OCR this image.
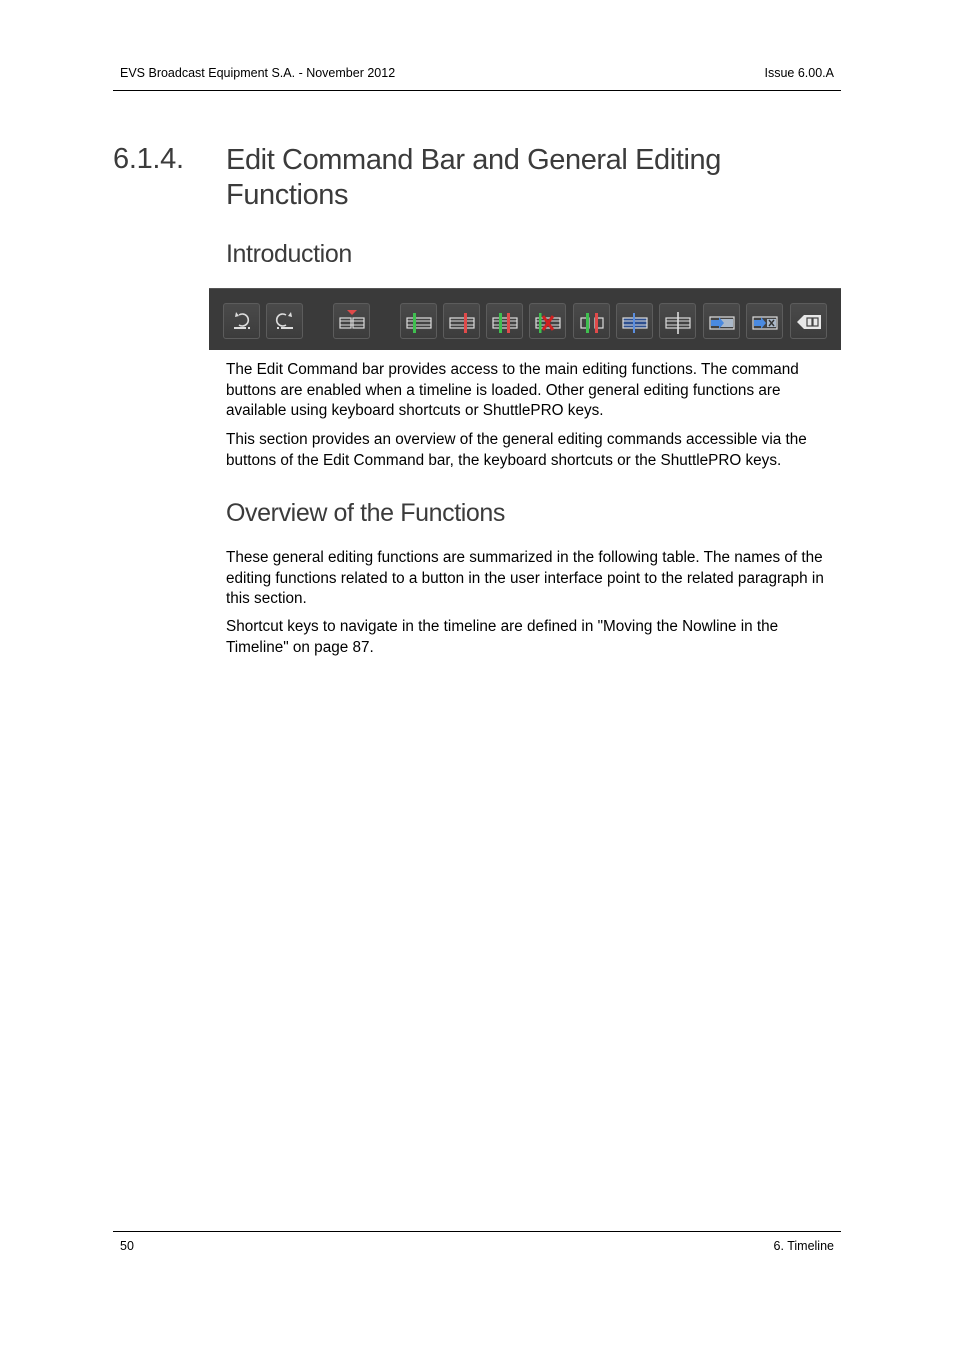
EVS Broadcast Equipment S.A. - November 2012	Issue 6.00.A
6.1.4. Edit Command Bar and General Editing Functions
Introduction
The Edit Command bar provides access to the main editing functions. The command buttons are enabled when a timeline is loaded. Other general editing functions are available using keyboard shortcuts or ShuttlePRO keys.
This section provides an overview of the general editing commands accessible via the buttons of the Edit Command bar, the keyboard shortcuts or the ShuttlePRO keys.
Overview of the Functions
These general editing functions are summarized in the following table. The names of the editing functions related to a button in the user interface point to the related paragraph in this section.
Shortcut keys to navigate in the timeline are defined in "Moving the Nowline in the Timeline" on page 87.
50	6. Timeline
